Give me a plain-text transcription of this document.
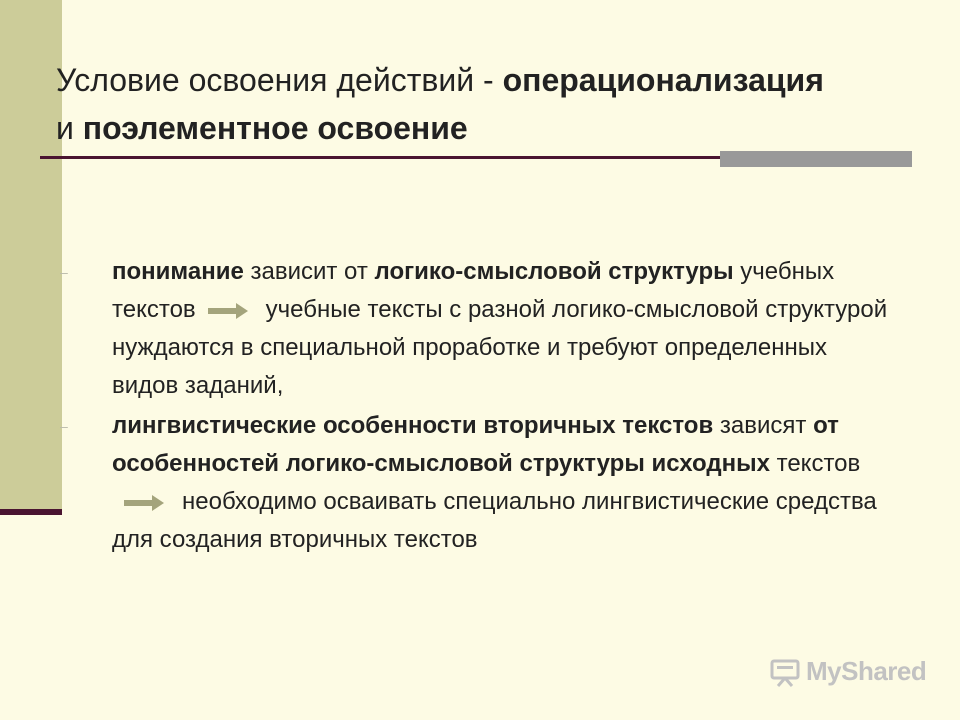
Условие освоения действий - операционализация
и поэлементное освоение

– понимание зависит от логико-смысловой структуры учебных текстов	учебные тексты с разной логико-смысловой структурой нуждаются в специальной проработке и требуют определенных видов заданий,

– лингвистические особенности вторичных текстов зависят от особенностей логико-смысловой структуры исходных текстовнеобходимо осваивать специально лингвистические средства для создания вторичных текстов

MyShared
